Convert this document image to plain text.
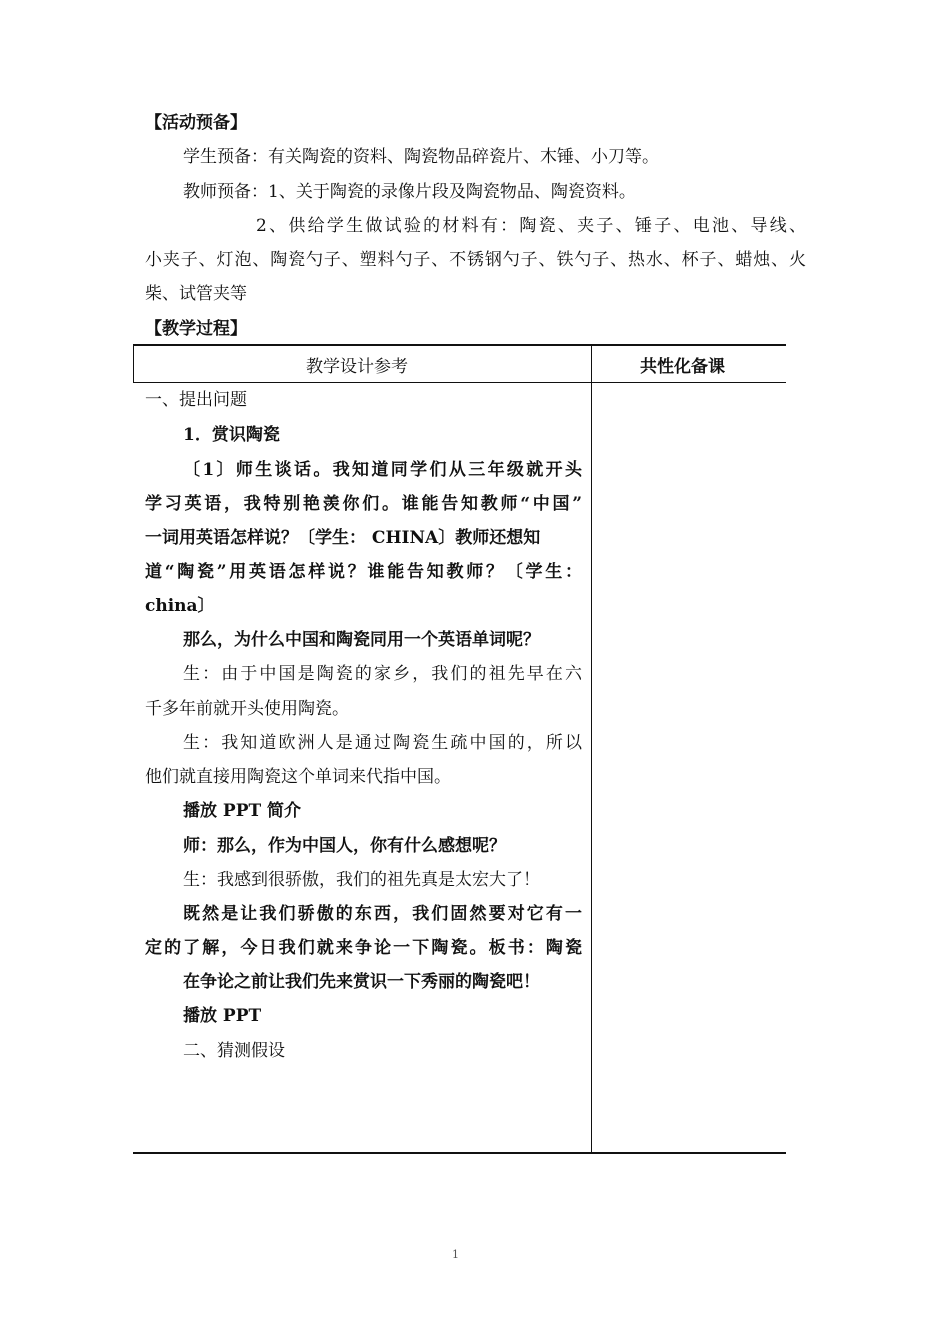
【活动预备】
学生预备：有关陶瓷的资料、陶瓷物品碎瓷片、木锤、小刀等。
教师预备：1、关于陶瓷的录像片段及陶瓷物品、陶瓷资料。
2、供给学生做试验的材料有：陶瓷、夹子、锤子、电池、导线、
小夹子、灯泡、陶瓷勺子、塑料勺子、不锈钢勺子、铁勺子、热水、杯子、蜡烛、火
柴、试管夹等
【教学过程】
教学设计参考	共性化备课
一、提出问题
1．赏识陶瓷
〔1〕师生谈话。我知道同学们从三年级就开头
学习英语，我特别艳羡你们。谁能告知教师“中国”
一词用英语怎样说？〔学生： CHINA〕教师还想知
道“陶瓷”用英语怎样说？谁能告知教师？〔学生：
china〕
那么，为什么中国和陶瓷同用一个英语单词呢？
生：由于中国是陶瓷的家乡，我们的祖先早在六
千多年前就开头使用陶瓷。
生：我知道欧洲人是通过陶瓷生疏中国的，所以
他们就直接用陶瓷这个单词来代指中国。
播放 PPT 简介
师：那么，作为中国人，你有什么感想呢？
生：我感到很骄傲，我们的祖先真是太宏大了！
既然是让我们骄傲的东西，我们固然要对它有一
定的了解，今日我们就来争论一下陶瓷。板书：陶瓷
在争论之前让我们先来赏识一下秀丽的陶瓷吧！
播放 PPT
二、猜测假设
1
